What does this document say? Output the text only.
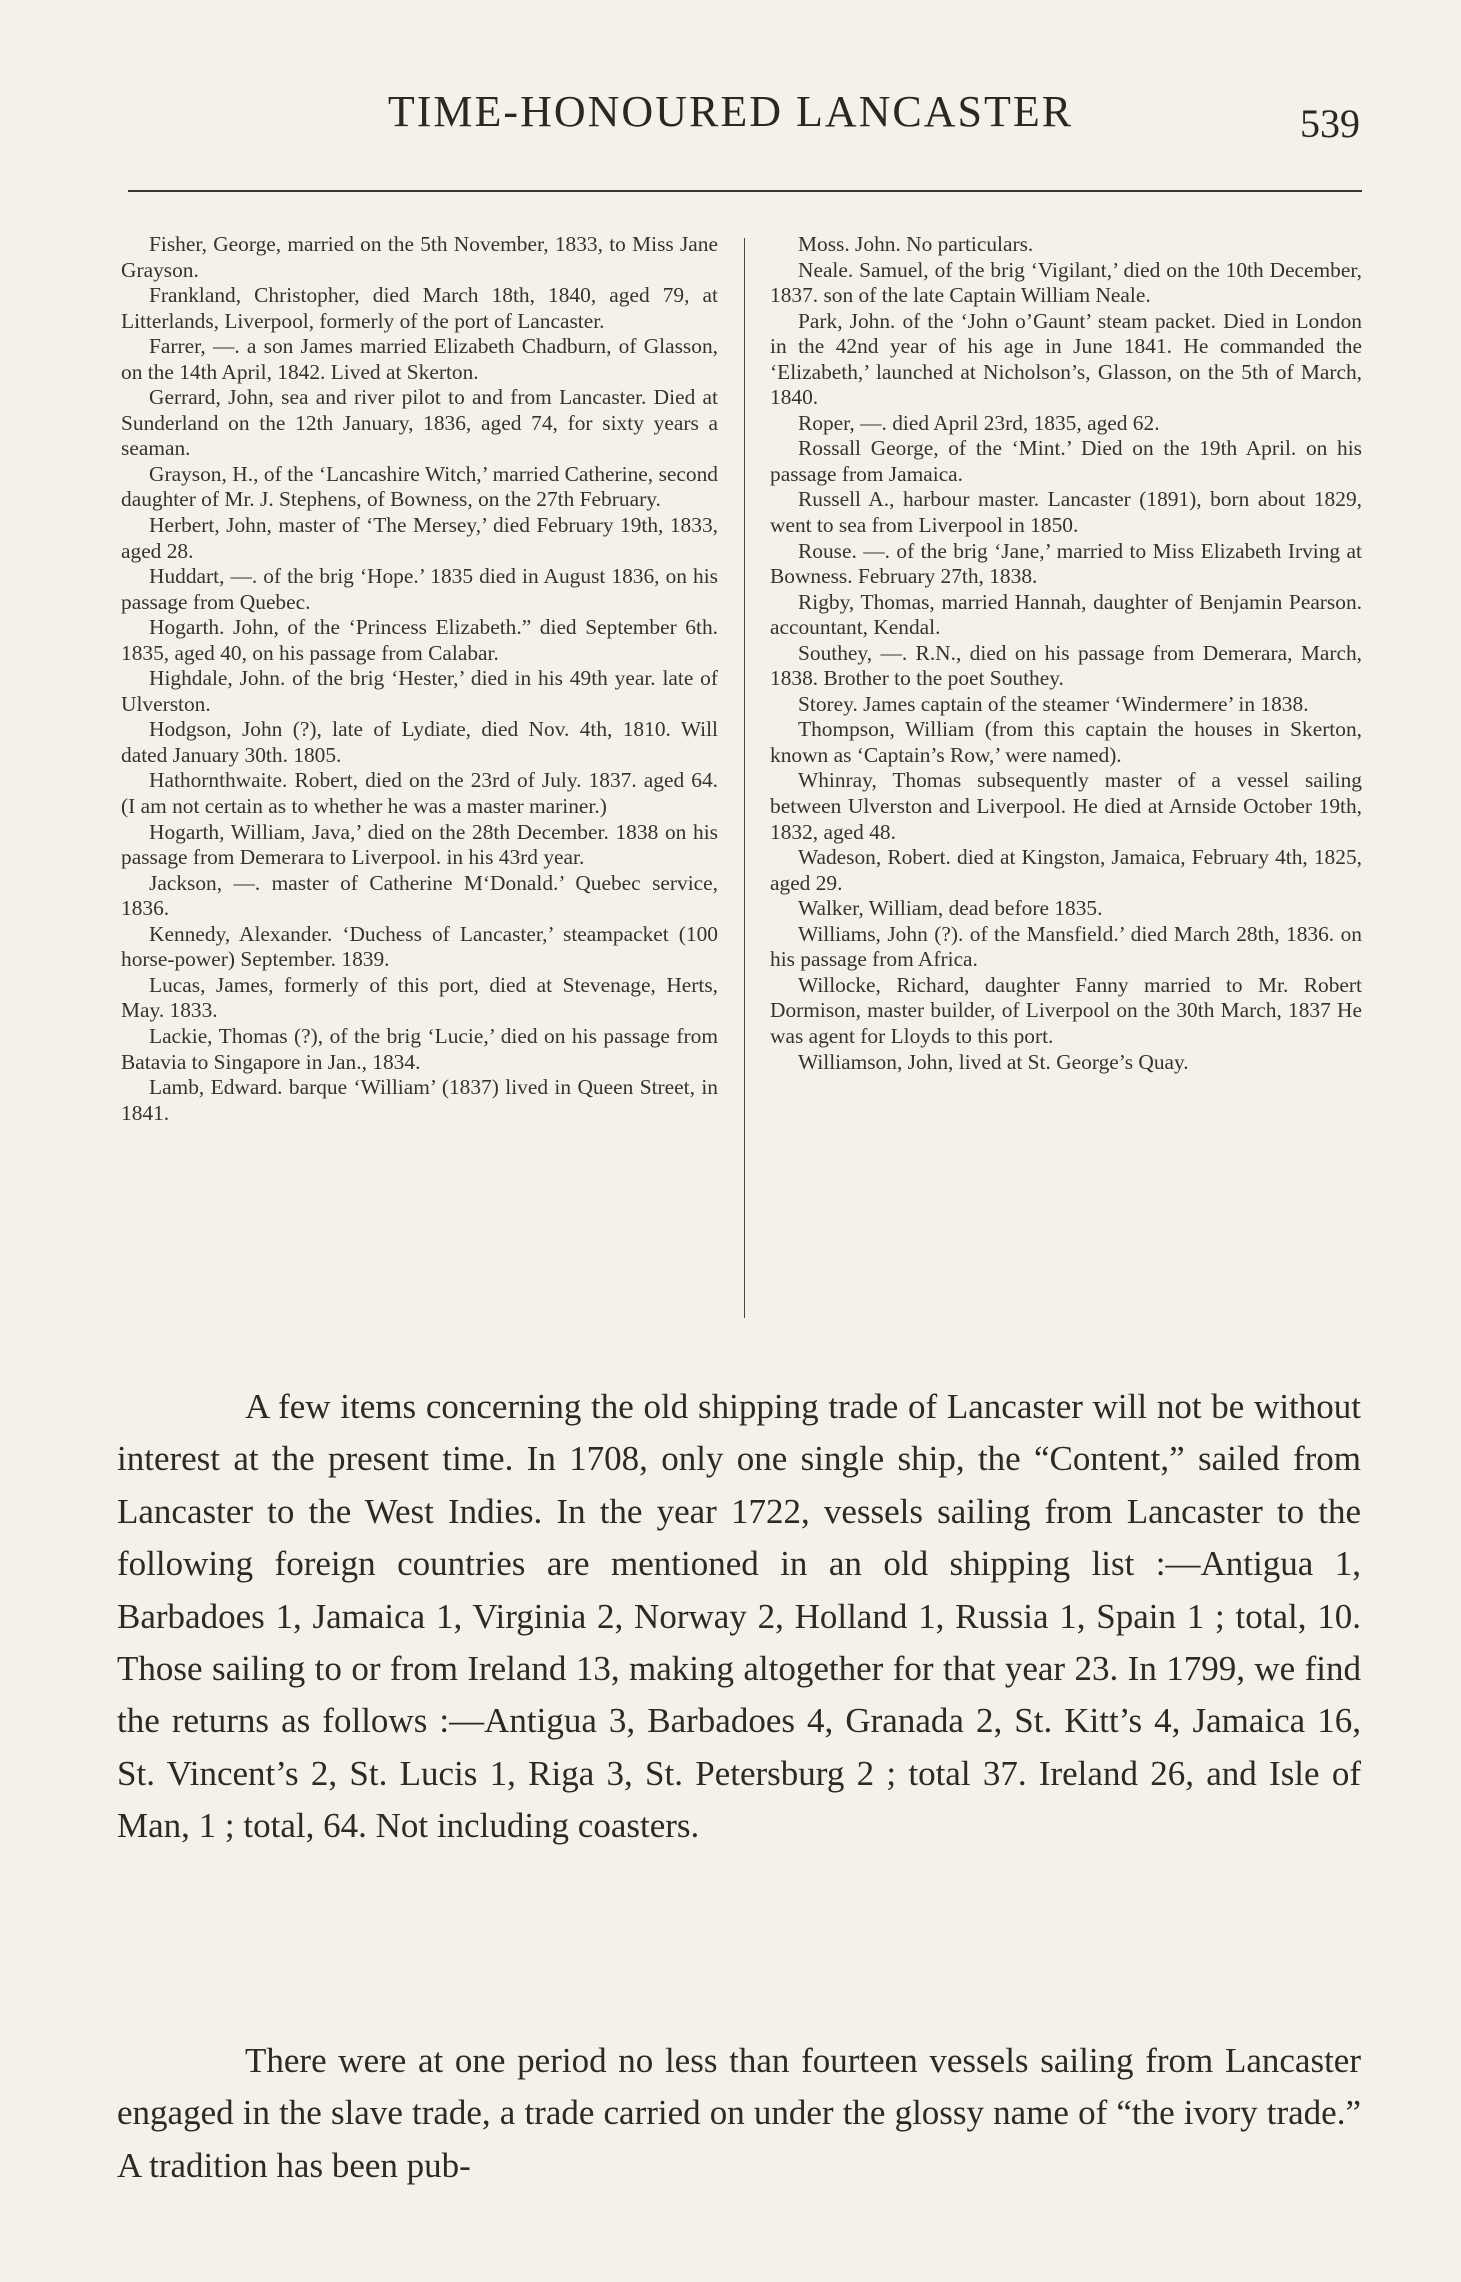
TIME-HONOURED LANCASTER	539

Fisher, George, married on the 5th November, 1833, to Miss Jane Grayson.

Frankland, Christopher, died March 18th, 1840, aged 79, at Litterlands, Liverpool, formerly of the port of Lancaster.

Farrer, —. a son James married Elizabeth Chadburn, of Glasson, on the 14th April, 1842. Lived at Skerton.

Gerrard, John, sea and river pilot to and from Lancaster. Died at Sunderland on the 12th January, 1836, aged 74, for sixty years a seaman.

Grayson, H., of the ‘Lancashire Witch,’ married Catherine, second daughter of Mr. J. Stephens, of Bowness, on the 27th February.

Herbert, John, master of ‘The Mersey,’ died February 19th, 1833, aged 28.

Huddart, —. of the brig ‘Hope.’ 1835 died in August 1836, on his passage from Quebec.

Hogarth. John, of the ‘Princess Elizabeth.” died September 6th. 1835, aged 40, on his passage from Calabar.

Highdale, John. of the brig ‘Hester,’ died in his 49th year. late of Ulverston.

Hodgson, John (?), late of Lydiate, died Nov. 4th, 1810. Will dated January 30th. 1805.

Hathornthwaite. Robert, died on the 23rd of July. 1837. aged 64. (I am not certain as to whether he was a master mariner.)

Hogarth, William, Java,’ died on the 28th December. 1838 on his passage from Demerara to Liverpool. in his 43rd year.

Jackson, —. master of Catherine M‘Donald.’ Quebec service, 1836.

Kennedy, Alexander. ‘Duchess of Lancaster,’ steampacket (100 horse-power) September. 1839.

Lucas, James, formerly of this port, died at Stevenage, Herts, May. 1833.

Lackie, Thomas (?), of the brig ‘Lucie,’ died on his passage from Batavia to Singapore in Jan., 1834.

Lamb, Edward. barque ‘William’ (1837) lived in Queen Street, in 1841.

Moss. John. No particulars.

Neale. Samuel, of the brig ‘Vigilant,’ died on the 10th December, 1837. son of the late Captain William Neale.

Park, John. of the ‘John o’Gaunt’ steam packet. Died in London in the 42nd year of his age in June 1841. He commanded the ‘Elizabeth,’ launched at Nicholson’s, Glasson, on the 5th of March, 1840.

Roper, —. died April 23rd, 1835, aged 62.

Rossall George, of the ‘Mint.’ Died on the 19th April. on his passage from Jamaica.

Russell A., harbour master. Lancaster (1891), born about 1829, went to sea from Liverpool in 1850.

Rouse. —. of the brig ‘Jane,’ married to Miss Elizabeth Irving at Bowness. February 27th, 1838.

Rigby, Thomas, married Hannah, daughter of Benjamin Pearson. accountant, Kendal.

Southey, —. R.N., died on his passage from Demerara, March, 1838. Brother to the poet Southey.

Storey. James captain of the steamer ‘Windermere’ in 1838.

Thompson, William (from this captain the houses in Skerton, known as ‘Captain’s Row,’ were named).

Whinray, Thomas subsequently master of a vessel sailing between Ulverston and Liverpool. He died at Arnside October 19th, 1832, aged 48.

Wadeson, Robert. died at Kingston, Jamaica, February 4th, 1825, aged 29.

Walker, William, dead before 1835.

Williams, John (?). of the Mansfield.’ died March 28th, 1836. on his passage from Africa.

Willocke, Richard, daughter Fanny married to Mr. Robert Dormison, master builder, of Liverpool on the 30th March, 1837 He was agent for Lloyds to this port.

Williamson, John, lived at St. George’s Quay.

A few items concerning the old shipping trade of Lancaster will not be without interest at the present time. In 1708, only one single ship, the “Content,” sailed from Lancaster to the West Indies. In the year 1722, vessels sailing from Lancaster to the following foreign countries are mentioned in an old shipping list :—Antigua 1, Barbadoes 1, Jamaica 1, Virginia 2, Norway 2, Holland 1, Russia 1, Spain 1 ; total, 10. Those sailing to or from Ireland 13, making altogether for that year 23. In 1799, we find the returns as follows :—Antigua 3, Barbadoes 4, Granada 2, St. Kitt’s 4, Jamaica 16, St. Vincent’s 2, St. Lucis 1, Riga 3, St. Petersburg 2 ; total 37. Ireland 26, and Isle of Man, 1 ; total, 64. Not including coasters.

There were at one period no less than fourteen vessels sailing from Lancaster engaged in the slave trade, a trade carried on under the glossy name of “the ivory trade.” A tradition has been pub-
